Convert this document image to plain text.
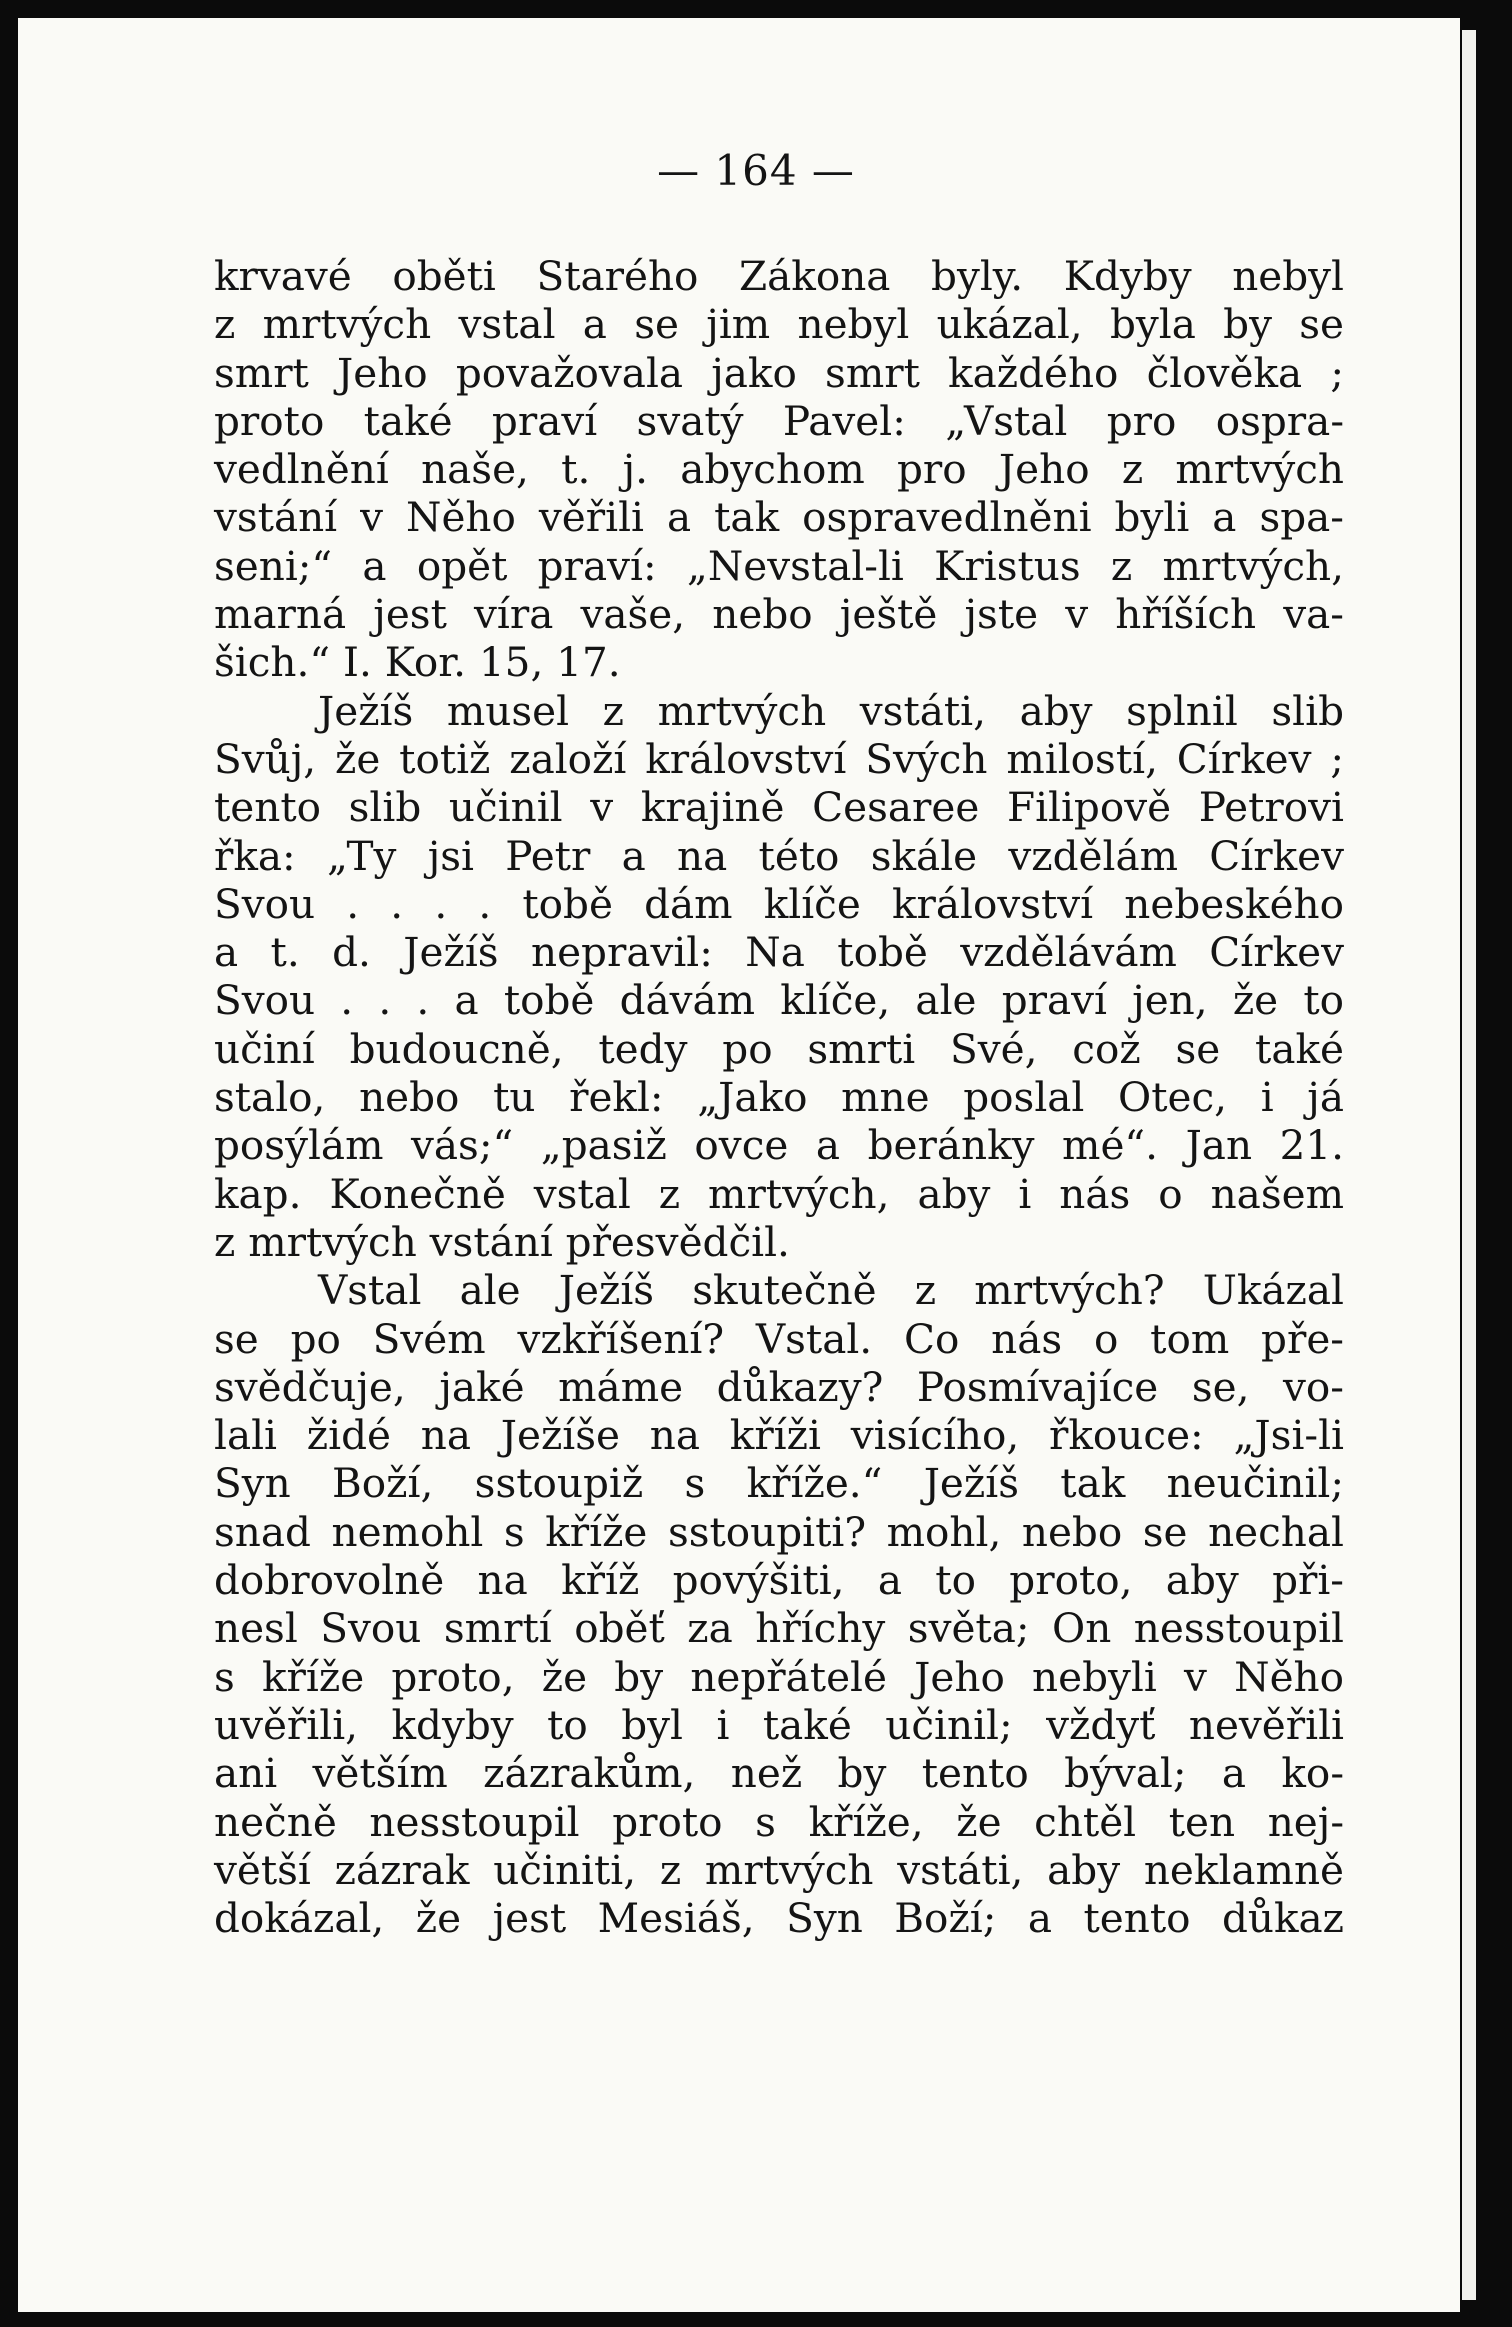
— 164 —
krvavé oběti Starého Zákona byly. Kdyby nebyl
z mrtvých vstal a se jim nebyl ukázal, byla by se
smrt Jeho považovala jako smrt každého člověka ;
proto také praví svatý Pavel: „Vstal pro ospra-
vedlnění naše, t. j. abychom pro Jeho z mrtvých
vstání v Něho věřili a tak ospravedlněni byli a spa-
seni;“ a opět praví: „Nevstal-li Kristus z mrtvých,
marná jest víra vaše, nebo ještě jste v hříších va-
šich.“ I. Kor. 15, 17.
Ježíš musel z mrtvých vstáti, aby splnil slib
Svůj, že totiž založí království Svých milostí, Církev ;
tento slib učinil v krajině Cesaree Filipově Petrovi
řka: „Ty jsi Petr a na této skále vzdělám Církev
Svou . . . . tobě dám klíče království nebeského
a t. d. Ježíš nepravil: Na tobě vzdělávám Církev
Svou . . . a tobě dávám klíče, ale praví jen, že to
učiní budoucně, tedy po smrti Své, což se také
stalo, nebo tu řekl: „Jako mne poslal Otec, i já
posýlám vás;“ „pasiž ovce a beránky mé“. Jan 21.
kap. Konečně vstal z mrtvých, aby i nás o našem
z mrtvých vstání přesvědčil.
Vstal ale Ježíš skutečně z mrtvých? Ukázal
se po Svém vzkříšení? Vstal. Co nás o tom pře-
svědčuje, jaké máme důkazy? Posmívajíce se, vo-
lali židé na Ježíše na kříži visícího, řkouce: „Jsi-li
Syn Boží, sstoupiž s kříže.“ Ježíš tak neučinil;
snad nemohl s kříže sstoupiti? mohl, nebo se nechal
dobrovolně na kříž povýšiti, a to proto, aby při-
nesl Svou smrtí oběť za hříchy světa; On nesstoupil
s kříže proto, že by nepřátelé Jeho nebyli v Něho
uvěřili, kdyby to byl i také učinil; vždyť nevěřili
ani větším zázrakům, než by tento býval; a ko-
nečně nesstoupil proto s kříže, že chtěl ten nej-
větší zázrak učiniti, z mrtvých vstáti, aby neklamně
dokázal, že jest Mesiáš, Syn Boží; a tento důkaz
